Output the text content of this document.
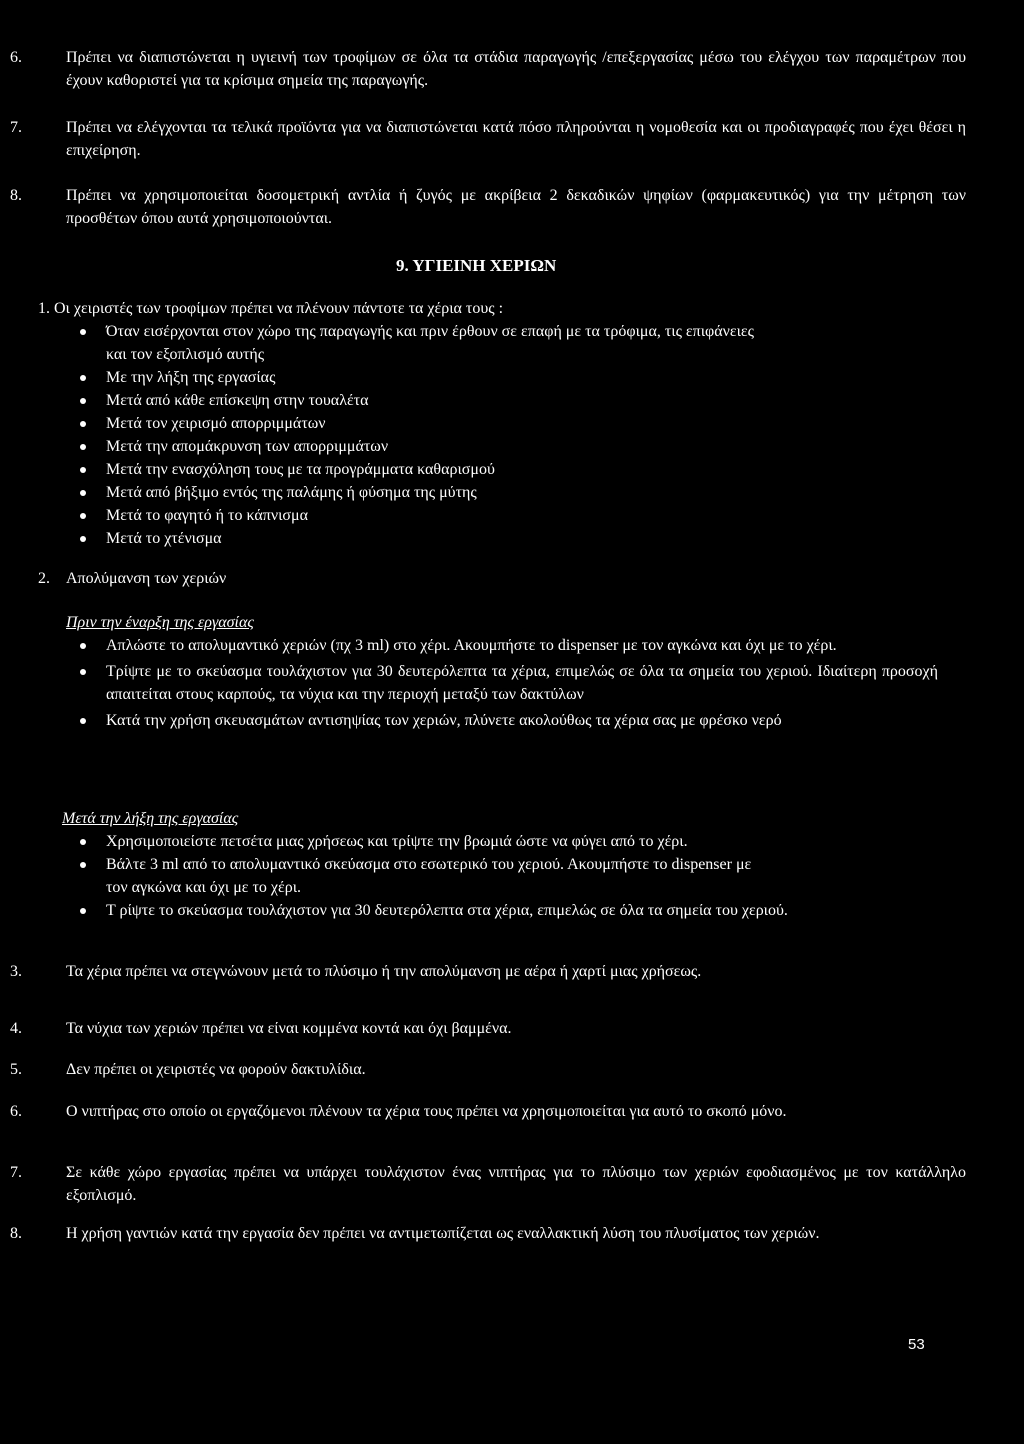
6.	Πρέπει να διαπιστώνεται η υγιεινή των τροφίμων σε όλα τα στάδια παραγωγής /επεξεργασίας μέσω του ελέγχου των παραμέτρων που έχουν καθοριστεί για τα κρίσιμα σημεία της παραγωγής.
7.	Πρέπει να ελέγχονται τα τελικά προϊόντα για να διαπιστώνεται κατά πόσο πληρούνται η νομοθεσία και οι προδιαγραφές που έχει θέσει η επιχείρηση.
8.	Πρέπει να χρησιμοποιείται δοσομετρική αντλία ή ζυγός με ακρίβεια 2 δεκαδικών ψηφίων (φαρμακευτικός) για την μέτρηση των προσθέτων όπου αυτά χρησιμοποιούνται.
9. ΥΓΙΕΙΝΗ ΧΕΡΙΩΝ
1. Οι χειριστές των τροφίμων πρέπει να πλένουν πάντοτε τα χέρια τους :
Όταν εισέρχονται στον χώρο της παραγωγής και πριν έρθουν σε επαφή με τα τρόφιμα, τις επιφάνειες και τον εξοπλισμό αυτής
Με την λήξη της εργασίας
Μετά από κάθε επίσκεψη στην τουαλέτα
Μετά τον χειρισμό απορριμμάτων
Μετά την απομάκρυνση των απορριμμάτων
Μετά την ενασχόληση τους με τα προγράμματα καθαρισμού
Μετά από βήξιμο εντός της παλάμης ή φύσημα της μύτης
Μετά το φαγητό ή το κάπνισμα
Μετά το χτένισμα
2. Απολύμανση των χεριών
Πριν την έναρξη της εργασίας
Απλώστε το απολυμαντικό χεριών (πχ 3 ml) στο χέρι. Ακουμπήστε το dispenser με τον αγκώνα και όχι με το χέρι.
Τρίψτε με το σκεύασμα τουλάχιστον για 30 δευτερόλεπτα τα χέρια, επιμελώς σε όλα τα σημεία του χεριού. Ιδιαίτερη προσοχή απαιτείται στους καρπούς, τα νύχια και την περιοχή μεταξύ των δακτύλων
Κατά την χρήση σκευασμάτων αντισηψίας των χεριών, πλύνετε ακολούθως τα χέρια σας με φρέσκο νερό
Μετά την λήξη της εργασίας
Χρησιμοποιείστε πετσέτα μιας χρήσεως και τρίψτε την βρωμιά ώστε να φύγει από το χέρι.
Βάλτε 3 ml από το απολυμαντικό σκεύασμα στο εσωτερικό του χεριού. Ακουμπήστε το dispenser με τον αγκώνα και όχι με το χέρι.
Τ ρίψτε το σκεύασμα τουλάχιστον για 30 δευτερόλεπτα στα χέρια, επιμελώς σε όλα τα σημεία του χεριού.
3.	Τα χέρια πρέπει να στεγνώνουν μετά το πλύσιμο ή την απολύμανση με αέρα ή χαρτί μιας χρήσεως.
4.	Τα νύχια των χεριών πρέπει να είναι κομμένα κοντά και όχι βαμμένα.
5.	Δεν πρέπει οι χειριστές να φορούν δακτυλίδια.
6.	Ο νιπτήρας στο οποίο οι εργαζόμενοι πλένουν τα χέρια τους πρέπει να χρησιμοποιείται για αυτό το σκοπό μόνο.
7.	Σε κάθε χώρο εργασίας πρέπει να υπάρχει τουλάχιστον ένας νιπτήρας για το πλύσιμο των χεριών εφοδιασμένος με τον κατάλληλο εξοπλισμό.
8.	Η χρήση γαντιών κατά την εργασία δεν πρέπει να αντιμετωπίζεται ως εναλλακτική λύση του πλυσίματος των χεριών.
53
